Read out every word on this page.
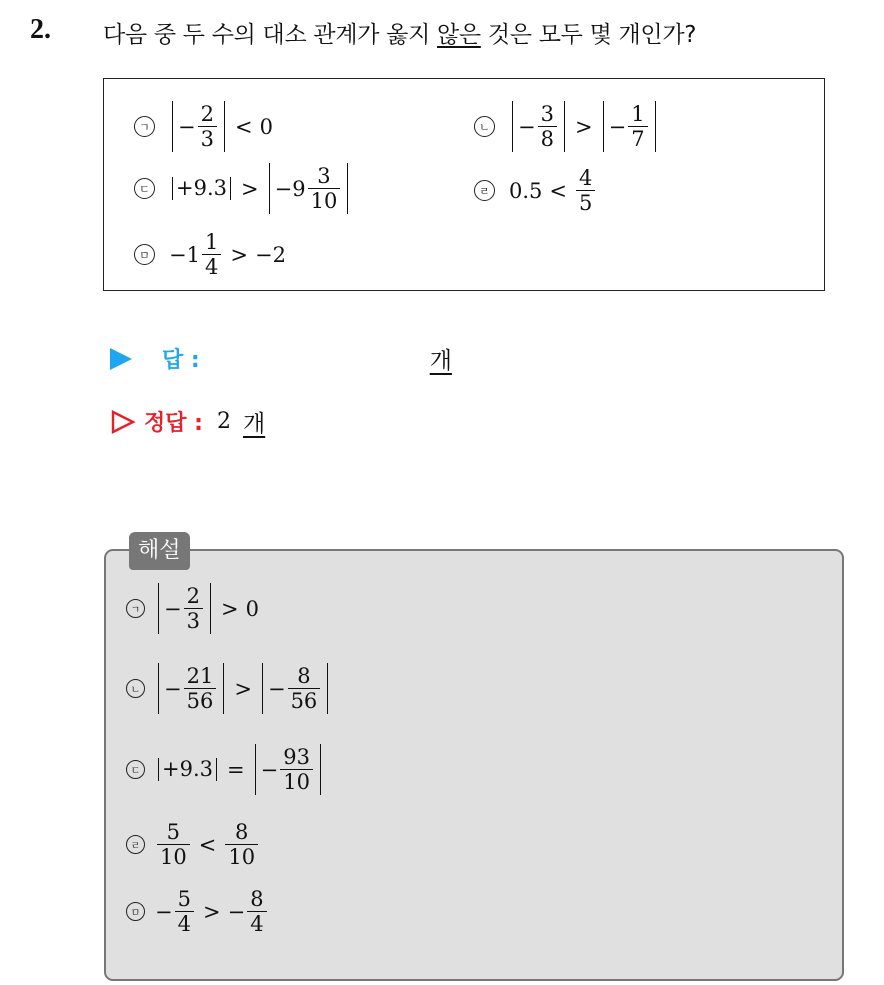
2. 다음 중 두 수의 대소 관계가 옳지 않은 것은 모두 몇 개인가?
ㄱ − $\frac{2}{3} < 0$	ㄴ − $\frac{3}{8}$ > − $\frac{1}{7}$
ㄷ +9.3 > − $9 \frac{3}{10}$	ㄹ $0.5 < \frac{4}{5}$
ㅁ − $1 \frac{1}{4} > -2$
답 :	개
정답 : 2 개
해설
ㄱ − $\frac{2}{3} > 0$
ㄴ − $\frac{21}{56}$ > − $\frac{8}{56}$
ㄷ +9.3 = − $\frac{93}{10}$
ㄹ $\frac{5}{10} < \frac{8}{10}$
ㅁ − $\frac{5}{4}$ > − $\frac{8}{4}$
